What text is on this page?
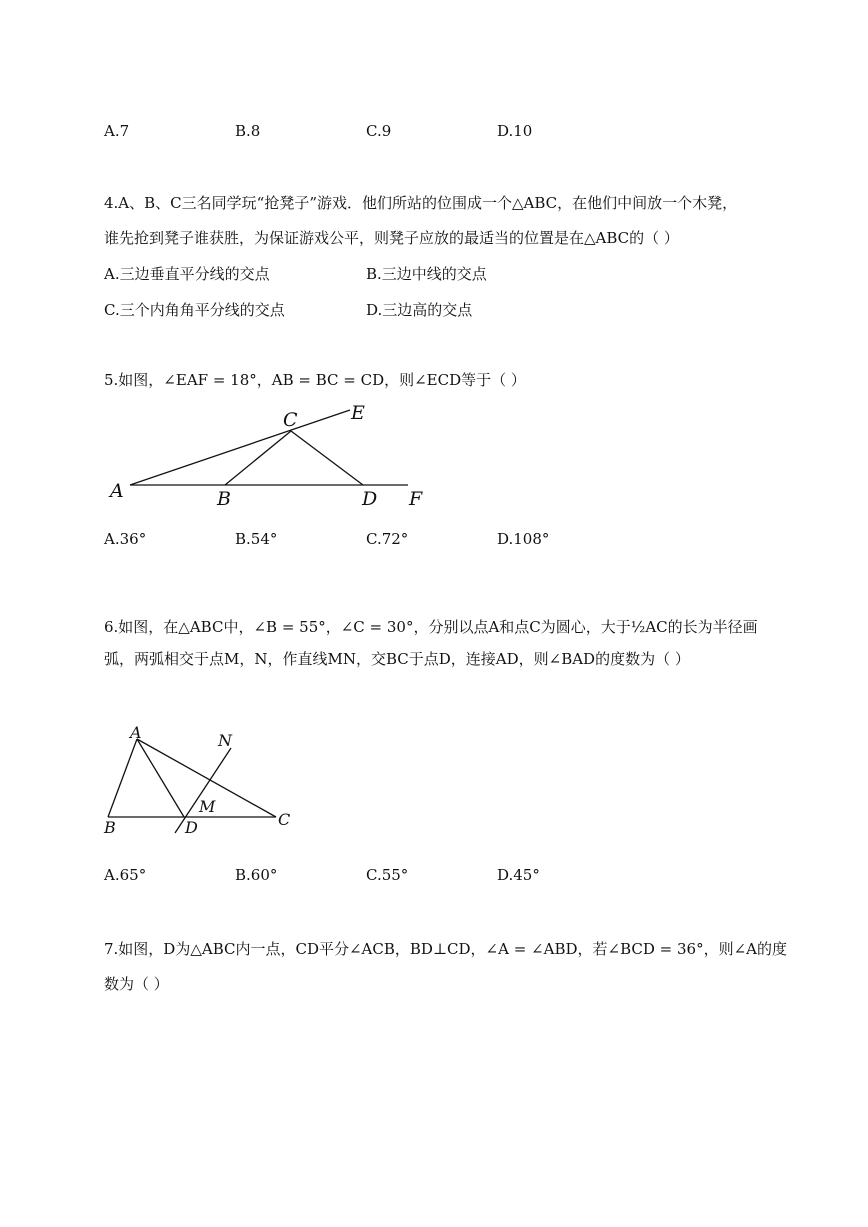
A.7	B.8	C.9	D.10
4.A、B、C三名同学玩“抢凳子”游戏．他们所站的位围成一个△ABC，在他们中间放一个木凳，
谁先抢到凳子谁获胜，为保证游戏公平，则凳子应放的最适当的位置是在△ABC的（ ）
A.三边垂直平分线的交点	B.三边中线的交点
C.三个内角角平分线的交点	D.三边高的交点
5.如图，∠EAF = 18°，AB = BC = CD，则∠ECD等于（ ）
A	B
C
D
E
F
A.36°	B.54°	C.72°	D.108°
6.如图，在△ABC中，∠B = 55°，∠C = 30°，分别以点A和点C为圆心，大于½AC的长为半径画
弧，两弧相交于点M，N，作直线MN，交BC于点D，连接AD，则∠BAD的度数为（ ）
A
B	C
D
M
N
A.65°	B.60°	C.55°	D.45°
7.如图，D为△ABC内一点，CD平分∠ACB，BD⊥CD，∠A = ∠ABD，若∠BCD = 36°，则∠A的度
数为（ ）
